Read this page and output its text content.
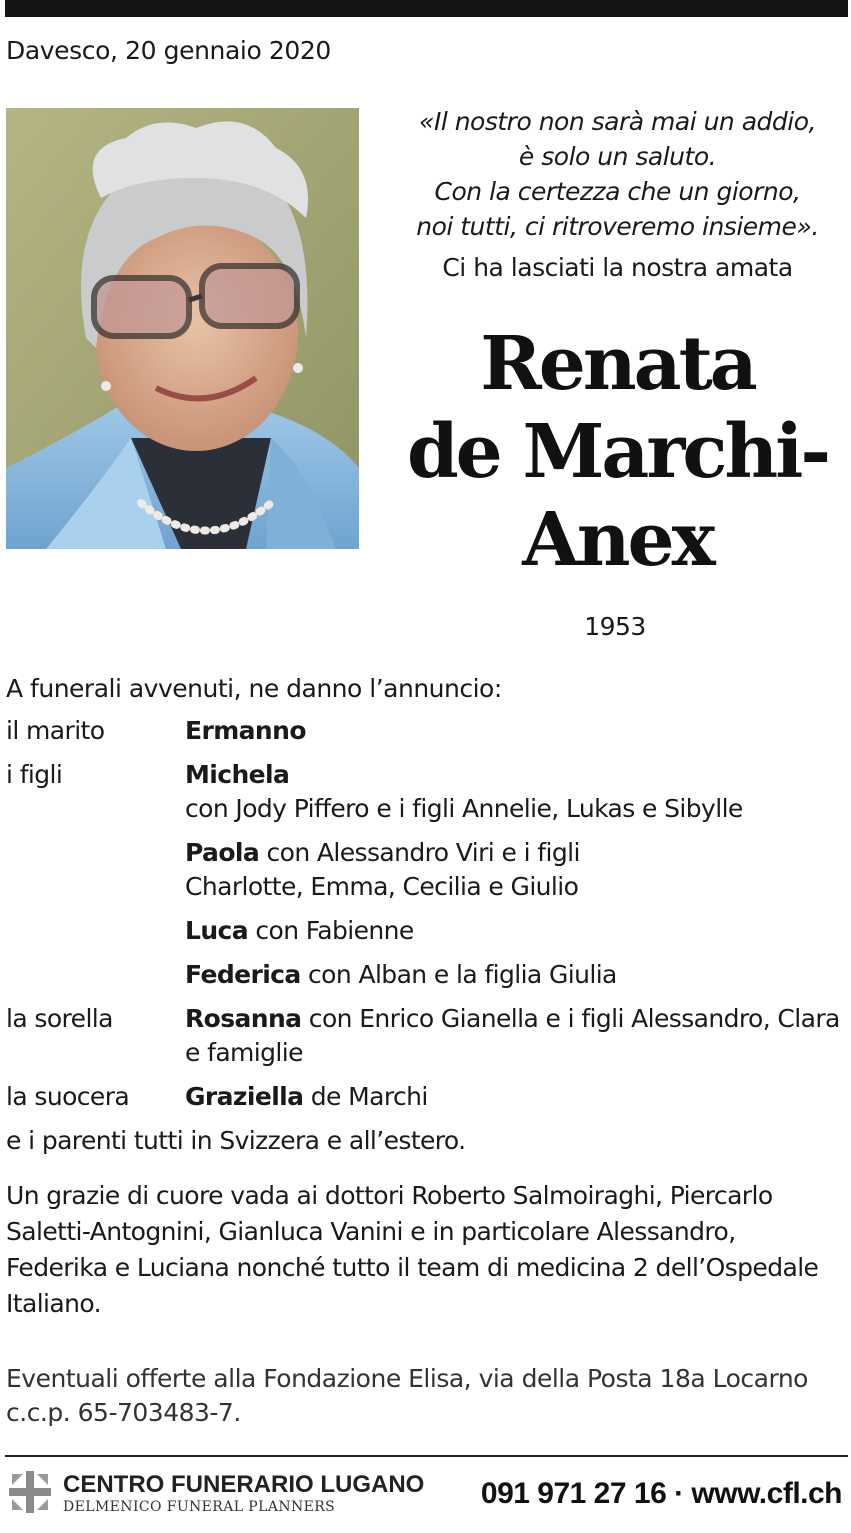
Davesco, 20 gennaio 2020
«Il nostro non sarà mai un addio,
è solo un saluto.
Con la certezza che un giorno,
noi tutti, ci ritroveremo insieme».
Ci ha lasciati la nostra amata
Renata
de Marchi-
Anex
1953
A funerali avvenuti, ne danno l’annuncio:
il marito	Ermanno
i figli	Michela con Jody Piffero e i figli Annelie, Lukas e Sibylle
Paola con Alessandro Viri e i figli
Charlotte, Emma, Cecilia e Giulio
Luca con Fabienne
Federica con Alban e la figlia Giulia
la sorella	Rosanna con Enrico Gianella e i figli Alessandro, Clara
e famiglie
la suocera	Graziella de Marchi
e i parenti tutti in Svizzera e all’estero.
Un grazie di cuore vada ai dottori Roberto Salmoiraghi, Piercarlo
Saletti-Antognini, Gianluca Vanini e in particolare Alessandro,
Federika e Luciana nonché tutto il team di medicina 2 dell’Ospedale
Italiano.
Eventuali offerte alla Fondazione Elisa, via della Posta 18a Locarno
c.c.p. 65-703483-7.
CENTRO FUNERARIO LUGANO
DELMENICO FUNERAL PLANNERS	091 971 27 16 · www.cfl.ch
